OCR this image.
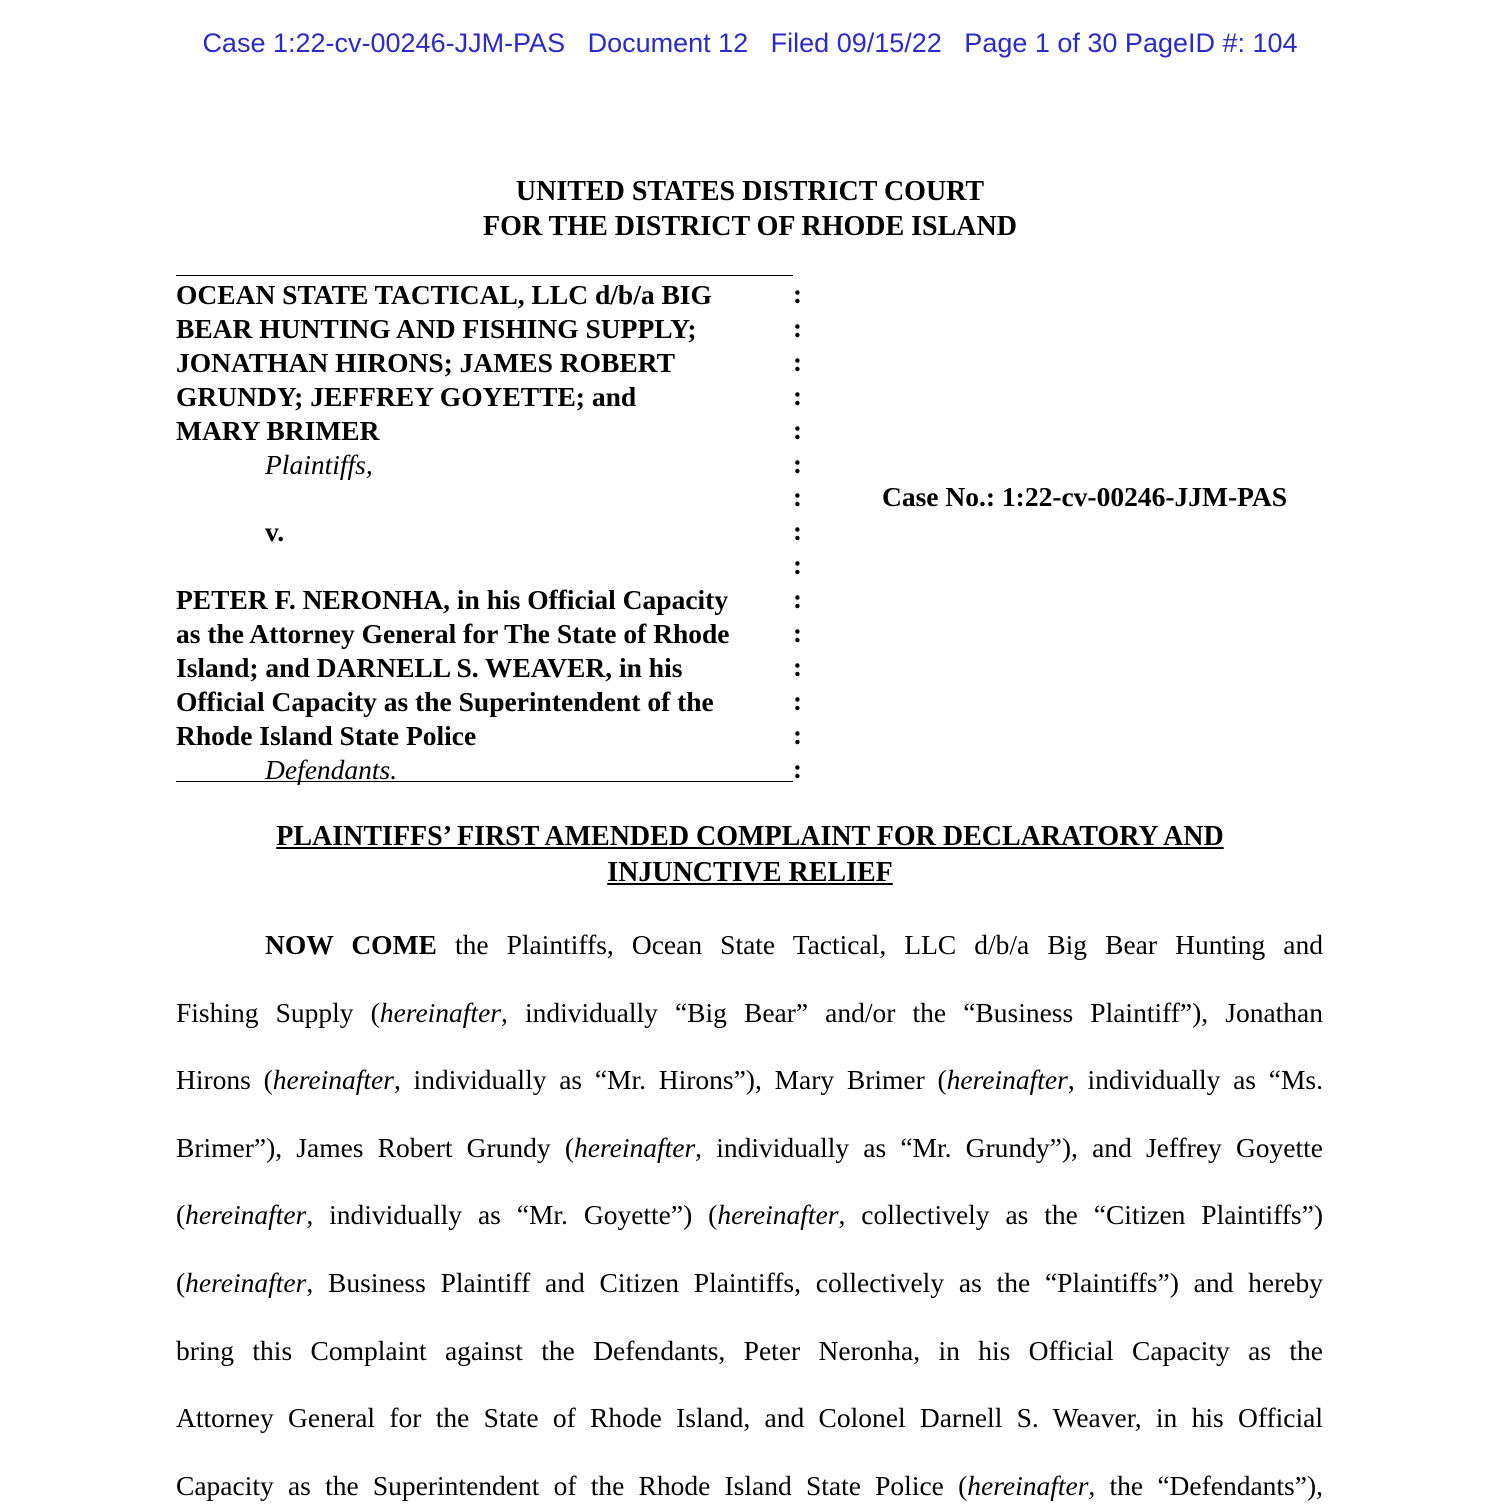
Case 1:22-cv-00246-JJM-PAS   Document 12   Filed 09/15/22   Page 1 of 30 PageID #: 104
UNITED STATES DISTRICT COURT
FOR THE DISTRICT OF RHODE ISLAND
OCEAN STATE TACTICAL, LLC d/b/a BIG	:
BEAR HUNTING AND FISHING SUPPLY;	:
JONATHAN HIRONS; JAMES ROBERT	:
GRUNDY; JEFFREY GOYETTE; and	:
MARY BRIMER	:
Plaintiffs,	:
:
v.	:
:
PETER F. NERONHA, in his Official Capacity :
as the Attorney General for The State of Rhode :
Island; and DARNELL S. WEAVER, in his	:
Official Capacity as the Superintendent of the	:
Rhode Island State Police	:
Defendants.	:
Case No.: 1:22-cv-00246-JJM-PAS
PLAINTIFFS’ FIRST AMENDED COMPLAINT FOR DECLARATORY AND
INJUNCTIVE RELIEF
NOW COME the Plaintiffs, Ocean State Tactical, LLC d/b/a Big Bear Hunting and
Fishing Supply (hereinafter, individually “Big Bear” and/or the “Business Plaintiff”), Jonathan
Hirons (hereinafter, individually as “Mr. Hirons”), Mary Brimer (hereinafter, individually as “Ms.
Brimer”), James Robert Grundy (hereinafter, individually as “Mr. Grundy”), and Jeffrey Goyette
(hereinafter, individually as “Mr. Goyette”) (hereinafter, collectively as the “Citizen Plaintiffs”)
(hereinafter, Business Plaintiff and Citizen Plaintiffs, collectively as the “Plaintiffs”) and hereby
bring this Complaint against the Defendants, Peter Neronha, in his Official Capacity as the
Attorney General for the State of Rhode Island, and Colonel Darnell S. Weaver, in his Official
Capacity as the Superintendent of the Rhode Island State Police (hereinafter, the “Defendants”),
